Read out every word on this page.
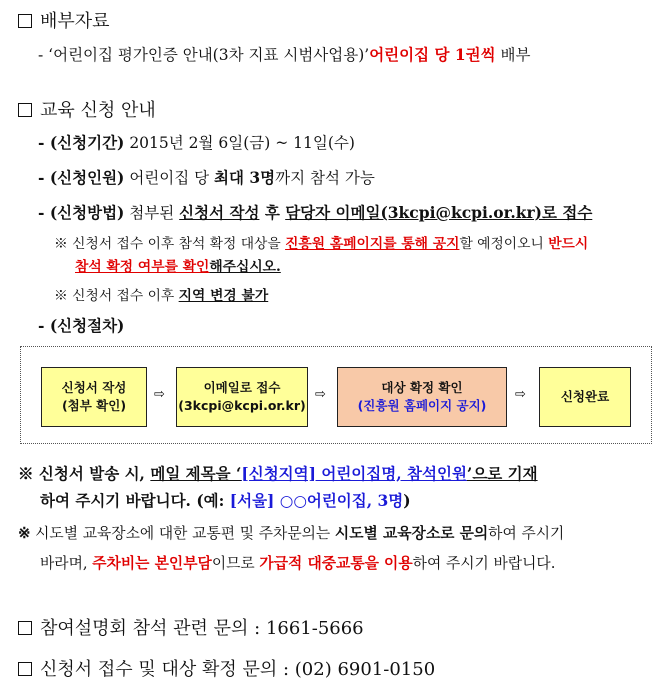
배부자료
- ‘어린이집 평가인증 안내(3차 지표 시범사업용)’어린이집 당 1권씩 배부
교육 신청 안내
- (신청기간) 2015년 2월 6일(금) ~ 11일(수)
- (신청인원) 어린이집 당 최대 3명까지 참석 가능
- (신청방법) 첨부된 신청서 작성 후 담당자 이메일(3kcpi@kcpi.or.kr)로 접수
※ 신청서 접수 이후 참석 확정 대상을 진흥원 홈페이지를 통해 공지할 예정이오니 반드시
참석 확정 여부를 확인해주십시오.
※ 신청서 접수 이후 지역 변경 불가
- (신청절차)
신청서 작성
(첨부 확인)
⇨	이메일로 접수
(3kcpi@kcpi.or.kr)
⇨	대상 확정 확인
(진흥원 홈페이지 공지)
⇨	신청완료
※ 신청서 발송 시, 메일 제목을 ‘[신청지역] 어린이집명, 참석인원’으로 기재
하여 주시기 바랍니다. (예: [서울] ○○어린이집, 3명)
※ 시도별 교육장소에 대한 교통편 및 주차문의는 시도별 교육장소로 문의하여 주시기
바라며, 주차비는 본인부담이므로 가급적 대중교통을 이용하여 주시기 바랍니다.
참여설명회 참석 관련 문의 : 1661-5666
신청서 접수 및 대상 확정 문의 : (02) 6901-0150
